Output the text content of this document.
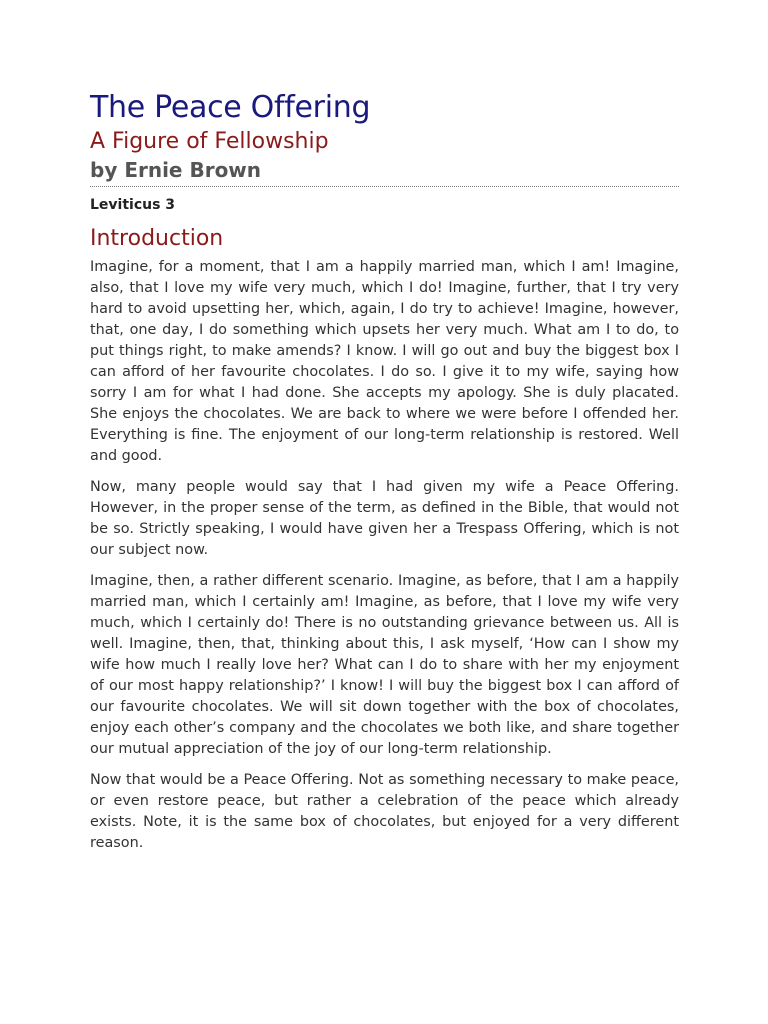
The Peace Offering
A Figure of Fellowship
by Ernie Brown

Leviticus 3

Introduction

Imagine, for a moment, that I am a happily married man, which I am! Imagine, also, that I love my wife very much, which I do! Imagine, further, that I try very hard to avoid upsetting her, which, again, I do try to achieve! Imagine, however, that, one day, I do something which upsets her very much. What am I to do, to put things right, to make amends? I know. I will go out and buy the biggest box I can afford of her favourite chocolates. I do so. I give it to my wife, saying how sorry I am for what I had done. She accepts my apology. She is duly placated. She enjoys the chocolates. We are back to where we were before I offended her. Everything is fine. The enjoyment of our long-term relationship is restored. Well and good.

Now, many people would say that I had given my wife a Peace Offering. However, in the proper sense of the term, as defined in the Bible, that would not be so. Strictly speaking, I would have given her a Trespass Offering, which is not our subject now.

Imagine, then, a rather different scenario. Imagine, as before, that I am a happily married man, which I certainly am! Imagine, as before, that I love my wife very much, which I certainly do! There is no outstanding grievance between us. All is well. Imagine, then, that, thinking about this, I ask myself, ‘How can I show my wife how much I really love her? What can I do to share with her my enjoyment of our most happy relationship?’ I know! I will buy the biggest box I can afford of our favourite chocolates. We will sit down together with the box of chocolates, enjoy each other’s company and the chocolates we both like, and share together our mutual appreciation of the joy of our long-term relationship.

Now that would be a Peace Offering. Not as something necessary to make peace, or even restore peace, but rather a celebration of the peace which already exists. Note, it is the same box of chocolates, but enjoyed for a very different reason.
